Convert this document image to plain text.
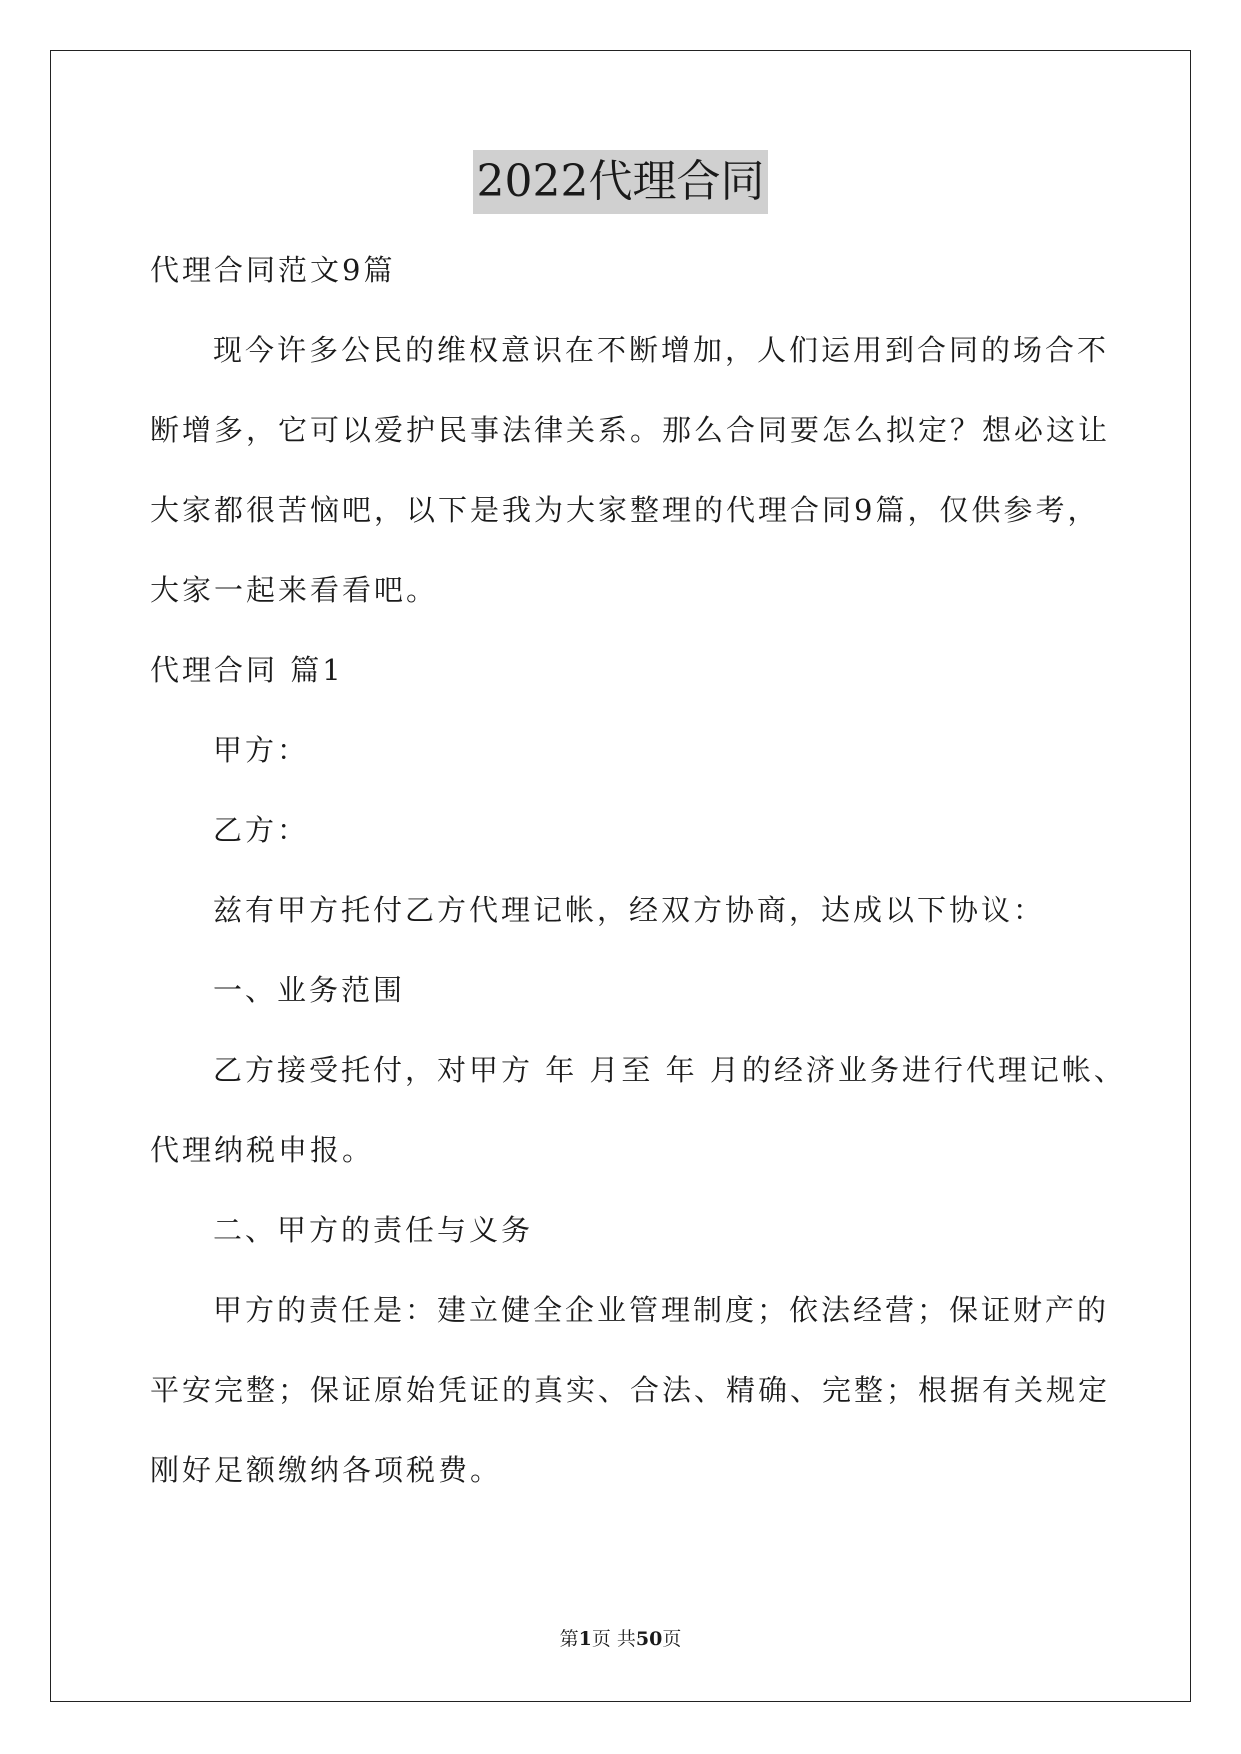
2022代理合同

代理合同范文9篇

现今许多公民的维权意识在不断增加，人们运用到合同的场合不

断增多，它可以爱护民事法律关系。那么合同要怎么拟定？想必这让

大家都很苦恼吧，以下是我为大家整理的代理合同9篇，仅供参考，

大家一起来看看吧。

代理合同 篇1

甲方：

乙方：

兹有甲方托付乙方代理记帐，经双方协商，达成以下协议：

一、业务范围

乙方接受托付，对甲方 年 月至 年 月的经济业务进行代理记帐、

代理纳税申报。

二、甲方的责任与义务

甲方的责任是：建立健全企业管理制度；依法经营；保证财产的

平安完整；保证原始凭证的真实、合法、精确、完整；根据有关规定

刚好足额缴纳各项税费。

第1页 共50页
